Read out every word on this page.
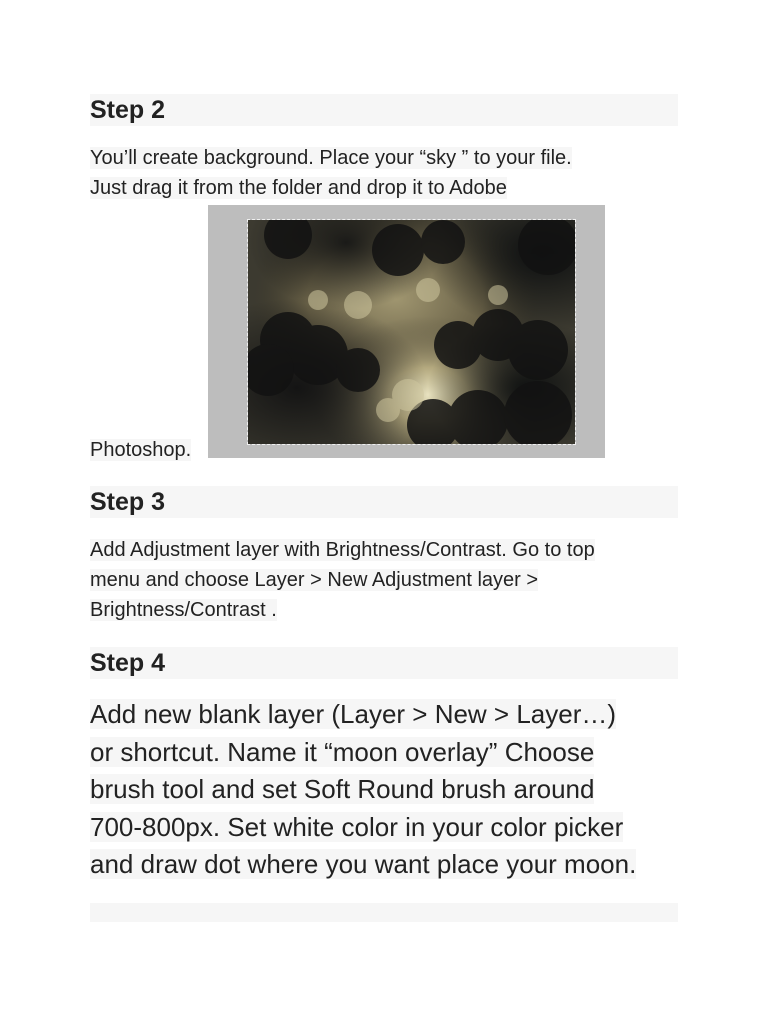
Step 2
You’ll create background. Place your “sky ” to your file.
Just drag it from the folder and drop it to Adobe
Photoshop.
Step 3
Add Adjustment layer with Brightness/Contrast. Go to top
menu and choose Layer > New Adjustment layer >
Brightness/Contrast .
Step 4
Add new blank layer (Layer > New > Layer…)
or shortcut. Name it “moon overlay” Choose
brush tool and set Soft Round brush around
700-800px. Set white color in your color picker
and draw dot where you want place your moon.
